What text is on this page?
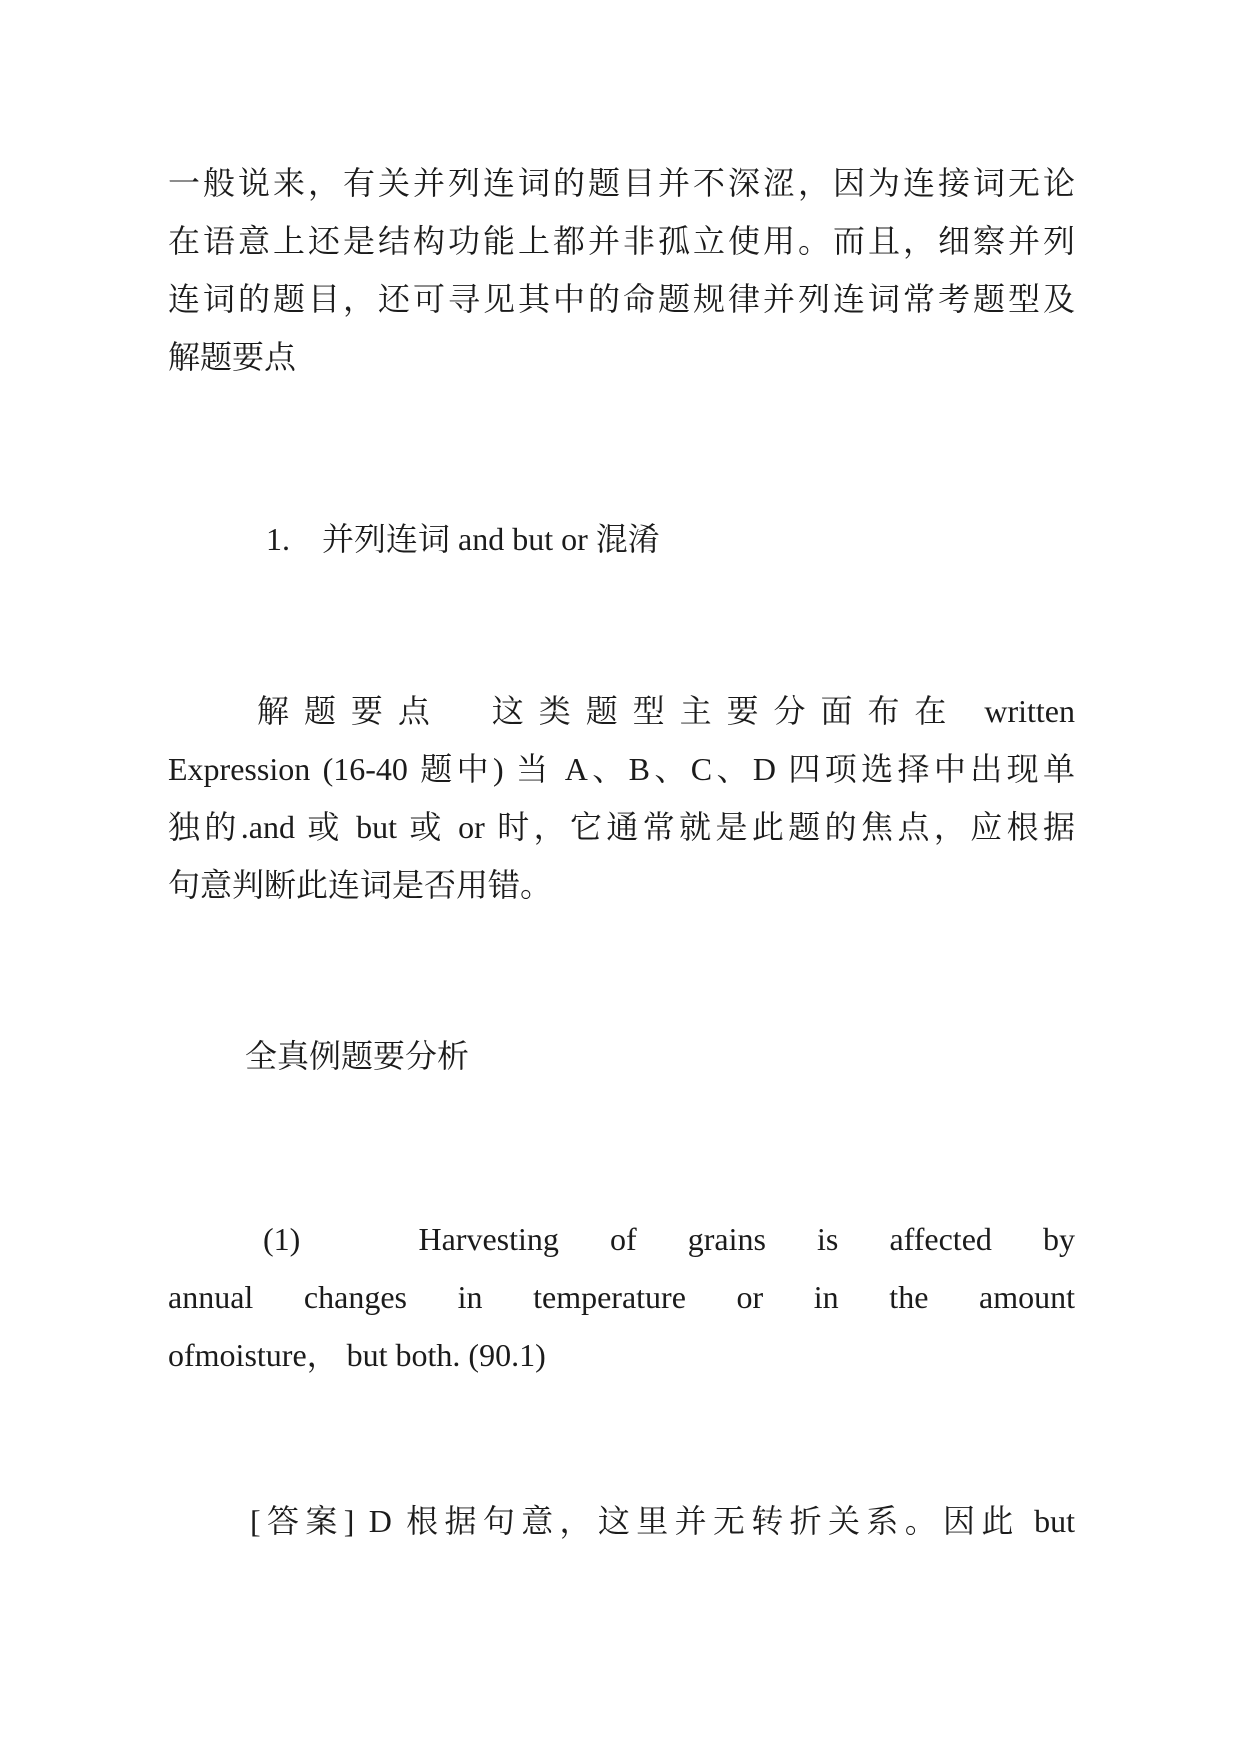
一般说来，有关并列连词的题目并不深涩，因为连接词无论
在语意上还是结构功能上都并非孤立使用。而且，细察并列
连词的题目，还可寻见其中的命题规律并列连词常考题型及
解题要点
1.　并列连词 and but or 混淆
解题要点　这类题型主要分面布在 written
Expression (16-40 题中) 当 A、B、C、D 四项选择中出现单
独的.and 或 but 或 or 时，它通常就是此题的焦点，应根据
句意判断此连词是否用错。
全真例题要分析
(1)　Harvesting of grains is affected by
annual changes in temperature or in the amount
ofmoisture， but both. (90.1)
[答案] D 根据句意，这里并无转折关系。因此 but
